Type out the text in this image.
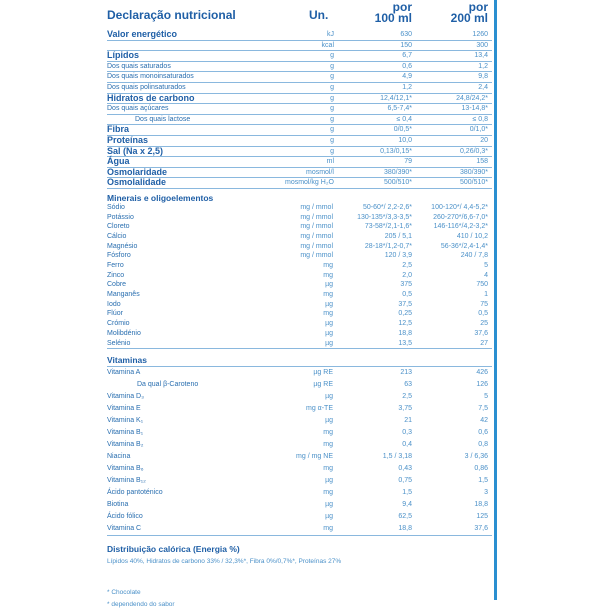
Declaração nutricional	Un.
por
100 ml
por
200 ml
Valor energético	kJ	630	1260
kcal	150	300
Lípidos	g	6,7	13,4
Dos quais saturados	g	0,6	1,2
Dos quais monoinsaturados	g	4,9	9,8
Dos quais polinsaturados	g	1,2	2,4
Hidratos de carbono	g	12,4/12,1*	24,8/24,2*
Dos quais açúcares	g	6,5-7,4*	13-14,8*
Dos quais lactose	g	≤ 0,4	≤ 0,8
Fibra	g	0/0,5*	0/1,0*
Proteínas	g	10,0	20
Sal (Na x 2,5)	g	0,13/0,15*	0,26/0,3*
Água	ml	79	158
Osmolaridade	mosmol/l	380/390*	380/390*
Osmolalidade	mosmol/kg H₂O	500/510*	500/510*
Minerais e oligoelementos
Sódio	mg / mmol	50-60*/ 2,2-2,6*	100-120*/ 4,4-5,2*
Potássio	mg / mmol	130-135*/3,3-3,5*	260-270*/6,6-7,0*
Cloreto	mg / mmol	73-58*/2,1-1,6*	146-116*/4,2-3,2*
Cálcio	mg / mmol	205 / 5,1	410 / 10,2
Magnésio	mg / mmol	28-18*/1,2-0,7*	56-36*/2,4-1,4*
Fósforo	mg / mmol	120 / 3,9	240 / 7,8
Ferro	mg	2,5	5
Zinco	mg	2,0	4
Cobre	µg	375	750
Manganês	mg	0,5	1
Iodo	µg	37,5	75
Flúor	mg	0,25	0,5
Crómio	µg	12,5	25
Molibdénio	µg	18,8	37,6
Selénio	µg	13,5	27
Vitaminas
Vitamina A	µg RE	213	426
Da qual β-Caroteno	µg RE	63	126
Vitamina D₃	µg	2,5	5
Vitamina E	mg α-TE	3,75	7,5
Vitamina K₁	µg	21	42
Vitamina B₁	mg	0,3	0,6
Vitamina B₂	mg	0,4	0,8
Niacina	mg / mg NE	1,5 / 3,18	3 / 6,36
Vitamina B₆	mg	0,43	0,86
Vitamina B₁₂	µg	0,75	1,5
Ácido pantoténico	mg	1,5	3
Biotina	µg	9,4	18,8
Ácido fólico	µg	62,5	125
Vitamina C	mg	18,8	37,6
Distribuição calórica (Energia %)
Lípidos 40%, Hidratos de carbono 33% / 32,3%*, Fibra 0%/0,7%*, Proteínas 27%
* Chocolate
* dependendo do sabor
